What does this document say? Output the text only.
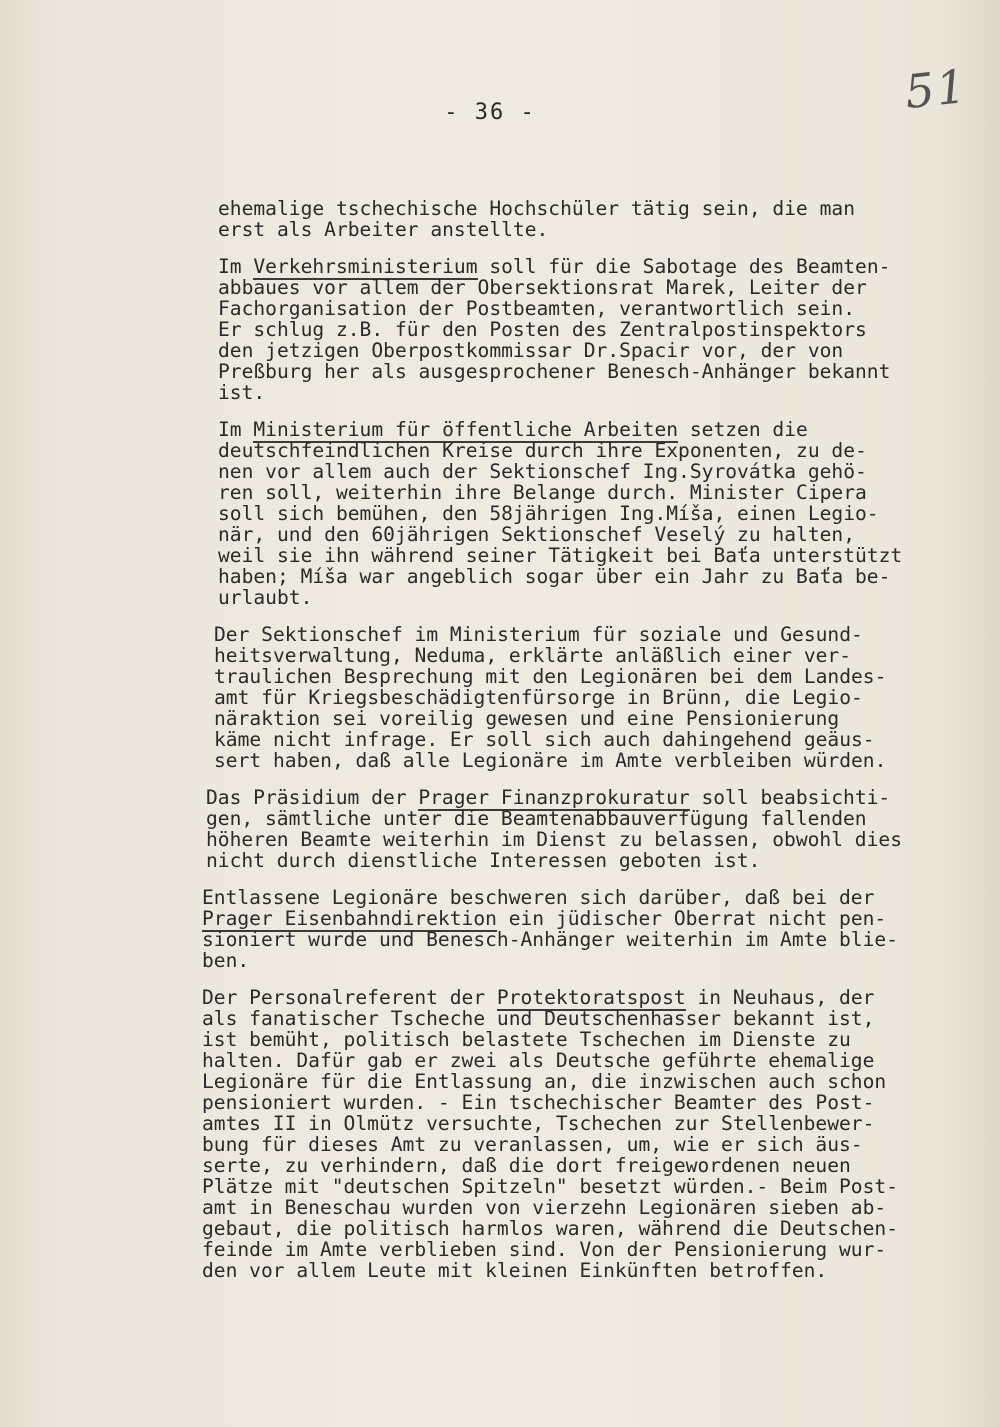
- 36 -	51
ehemalige tschechische Hochschüler tätig sein, die man
erst als Arbeiter anstellte.
Im Verkehrsministerium soll für die Sabotage des Beamten-
abbaues vor allem der Obersektionsrat Marek, Leiter der
Fachorganisation der Postbeamten, verantwortlich sein.
Er schlug z.B. für den Posten des Zentralpostinspektors
den jetzigen Oberpostkommissar Dr.Spacir vor, der von
Preßburg her als ausgesprochener Benesch-Anhänger bekannt
ist.
Im Ministerium für öffentliche Arbeiten setzen die
deutschfeindlichen Kreise durch ihre Exponenten, zu de-
nen vor allem auch der Sektionschef Ing.Syrovátka gehö-
ren soll, weiterhin ihre Belange durch. Minister Cipera
soll sich bemühen, den 58jährigen Ing.Míša, einen Legio-
när, und den 60jährigen Sektionschef Veselý zu halten,
weil sie ihn während seiner Tätigkeit bei Baťa unterstützt
haben; Míša war angeblich sogar über ein Jahr zu Baťa be-
urlaubt.
Der Sektionschef im Ministerium für soziale und Gesund-
heitsverwaltung, Neduma, erklärte anläßlich einer ver-
traulichen Besprechung mit den Legionären bei dem Landes-
amt für Kriegsbeschädigtenfürsorge in Brünn, die Legio-
näraktion sei voreilig gewesen und eine Pensionierung
käme nicht infrage. Er soll sich auch dahingehend geäus-
sert haben, daß alle Legionäre im Amte verbleiben würden.
Das Präsidium der Prager Finanzprokuratur soll beabsichti-
gen, sämtliche unter die Beamtenabbauverfügung fallenden
höheren Beamte weiterhin im Dienst zu belassen, obwohl dies
nicht durch dienstliche Interessen geboten ist.
Entlassene Legionäre beschweren sich darüber, daß bei der
Prager Eisenbahndirektion ein jüdischer Oberrat nicht pen-
sioniert wurde und Benesch-Anhänger weiterhin im Amte blie-
ben.
Der Personalreferent der Protektoratspost in Neuhaus, der
als fanatischer Tscheche und Deutschenhasser bekannt ist,
ist bemüht, politisch belastete Tschechen im Dienste zu
halten. Dafür gab er zwei als Deutsche geführte ehemalige
Legionäre für die Entlassung an, die inzwischen auch schon
pensioniert wurden. - Ein tschechischer Beamter des Post-
amtes II in Olmütz versuchte, Tschechen zur Stellenbewer-
bung für dieses Amt zu veranlassen, um, wie er sich äus-
serte, zu verhindern, daß die dort freigewordenen neuen
Plätze mit "deutschen Spitzeln" besetzt würden.- Beim Post-
amt in Beneschau wurden von vierzehn Legionären sieben ab-
gebaut, die politisch harmlos waren, während die Deutschen-
feinde im Amte verblieben sind. Von der Pensionierung wur-
den vor allem Leute mit kleinen Einkünften betroffen.
